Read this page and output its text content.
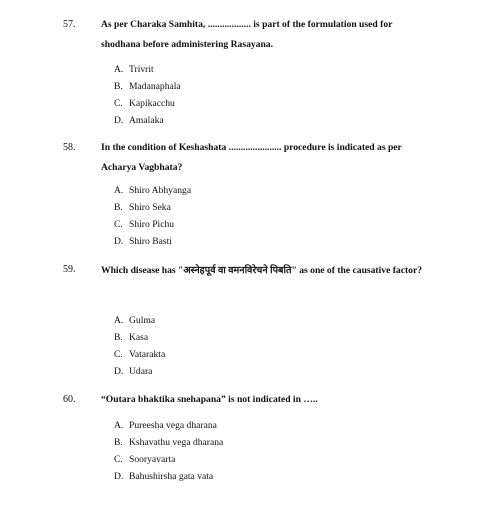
57.	As per Charaka Samhita, .................. is part of the formulation used for shodhana before administering Rasayana.
A. Trivrit
B. Madanaphala
C. Kapikacchu
D. Amalaka
58.	In the condition of Keshashata ...................... procedure is indicated as per Acharya Vagbhata?
A. Shiro Abhyanga
B. Shiro Seka
C. Shiro Pichu
D. Shiro Basti
59.	Which disease has "अस्नेहपूर्व वा वमनविरेचने पिबति" as one of the causative factor?
A. Gulma
B. Kasa
C. Vatarakta
D. Udara
60.	“Outara bhaktika snehapana” is not indicated in …..
A. Pureesha vega dharana
B. Kshavathu vega dharana
C. Sooryavarta
D. Bahushirsha gata vata
